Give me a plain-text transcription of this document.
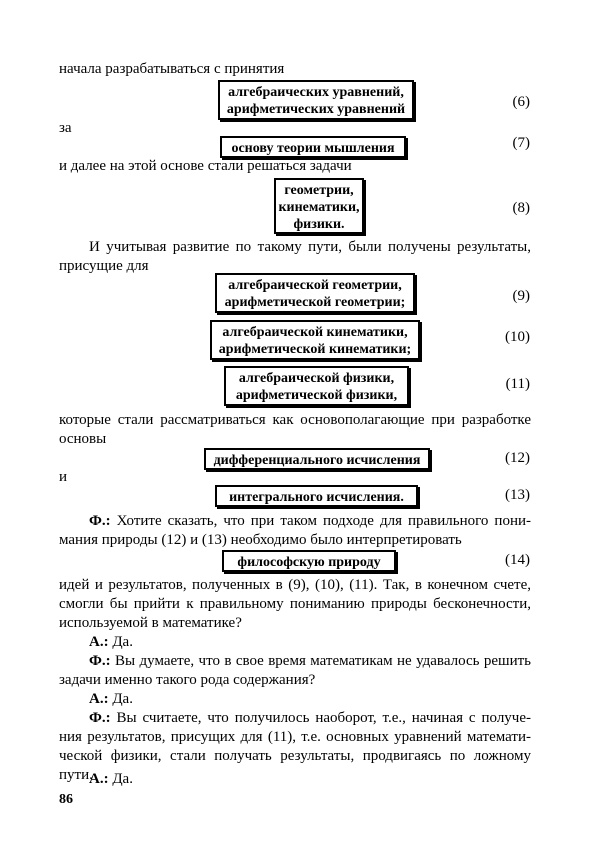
начала разрабатываться с принятия
алгебраических уравнений,
арифметических уравнений	(6)
за
основу теории мышления	(7)
и далее на этой основе стали решаться задачи
геометрии,
кинематики,
физики.
(8)
И учитывая развитие по такому пути, были получены результаты,
присущие для
алгебраической геометрии,
арифметической геометрии;	(9)
алгебраической кинематики,
арифметической кинематики;
(10)
алгебраической физики,
арифметической физики,
(11)
которые стали рассматриваться как основополагающие при разработке
основы
дифференциального исчисления	(12)
и
интегрального исчисления.	(13)
Ф.: Хотите сказать, что при таком подходе для правильного пони-
мания природы (12) и (13) необходимо было интерпретировать
философскую природу	(14)
идей и результатов, полученных в (9), (10), (11). Так, в конечном счете,
смогли бы прийти к правильному пониманию природы бесконечности,
используемой в математике?
А.: Да.
Ф.: Вы думаете, что в свое время математикам не удавалось решить
задачи именно такого рода содержания?
А.: Да.
Ф.: Вы считаете, что получилось наоборот, т.е., начиная с получе-
ния результатов, присущих для (11), т.е. основных уравнений математи-
ческой физики, стали получать результаты, продвигаясь по ложному
пути.
А.: Да.
86
